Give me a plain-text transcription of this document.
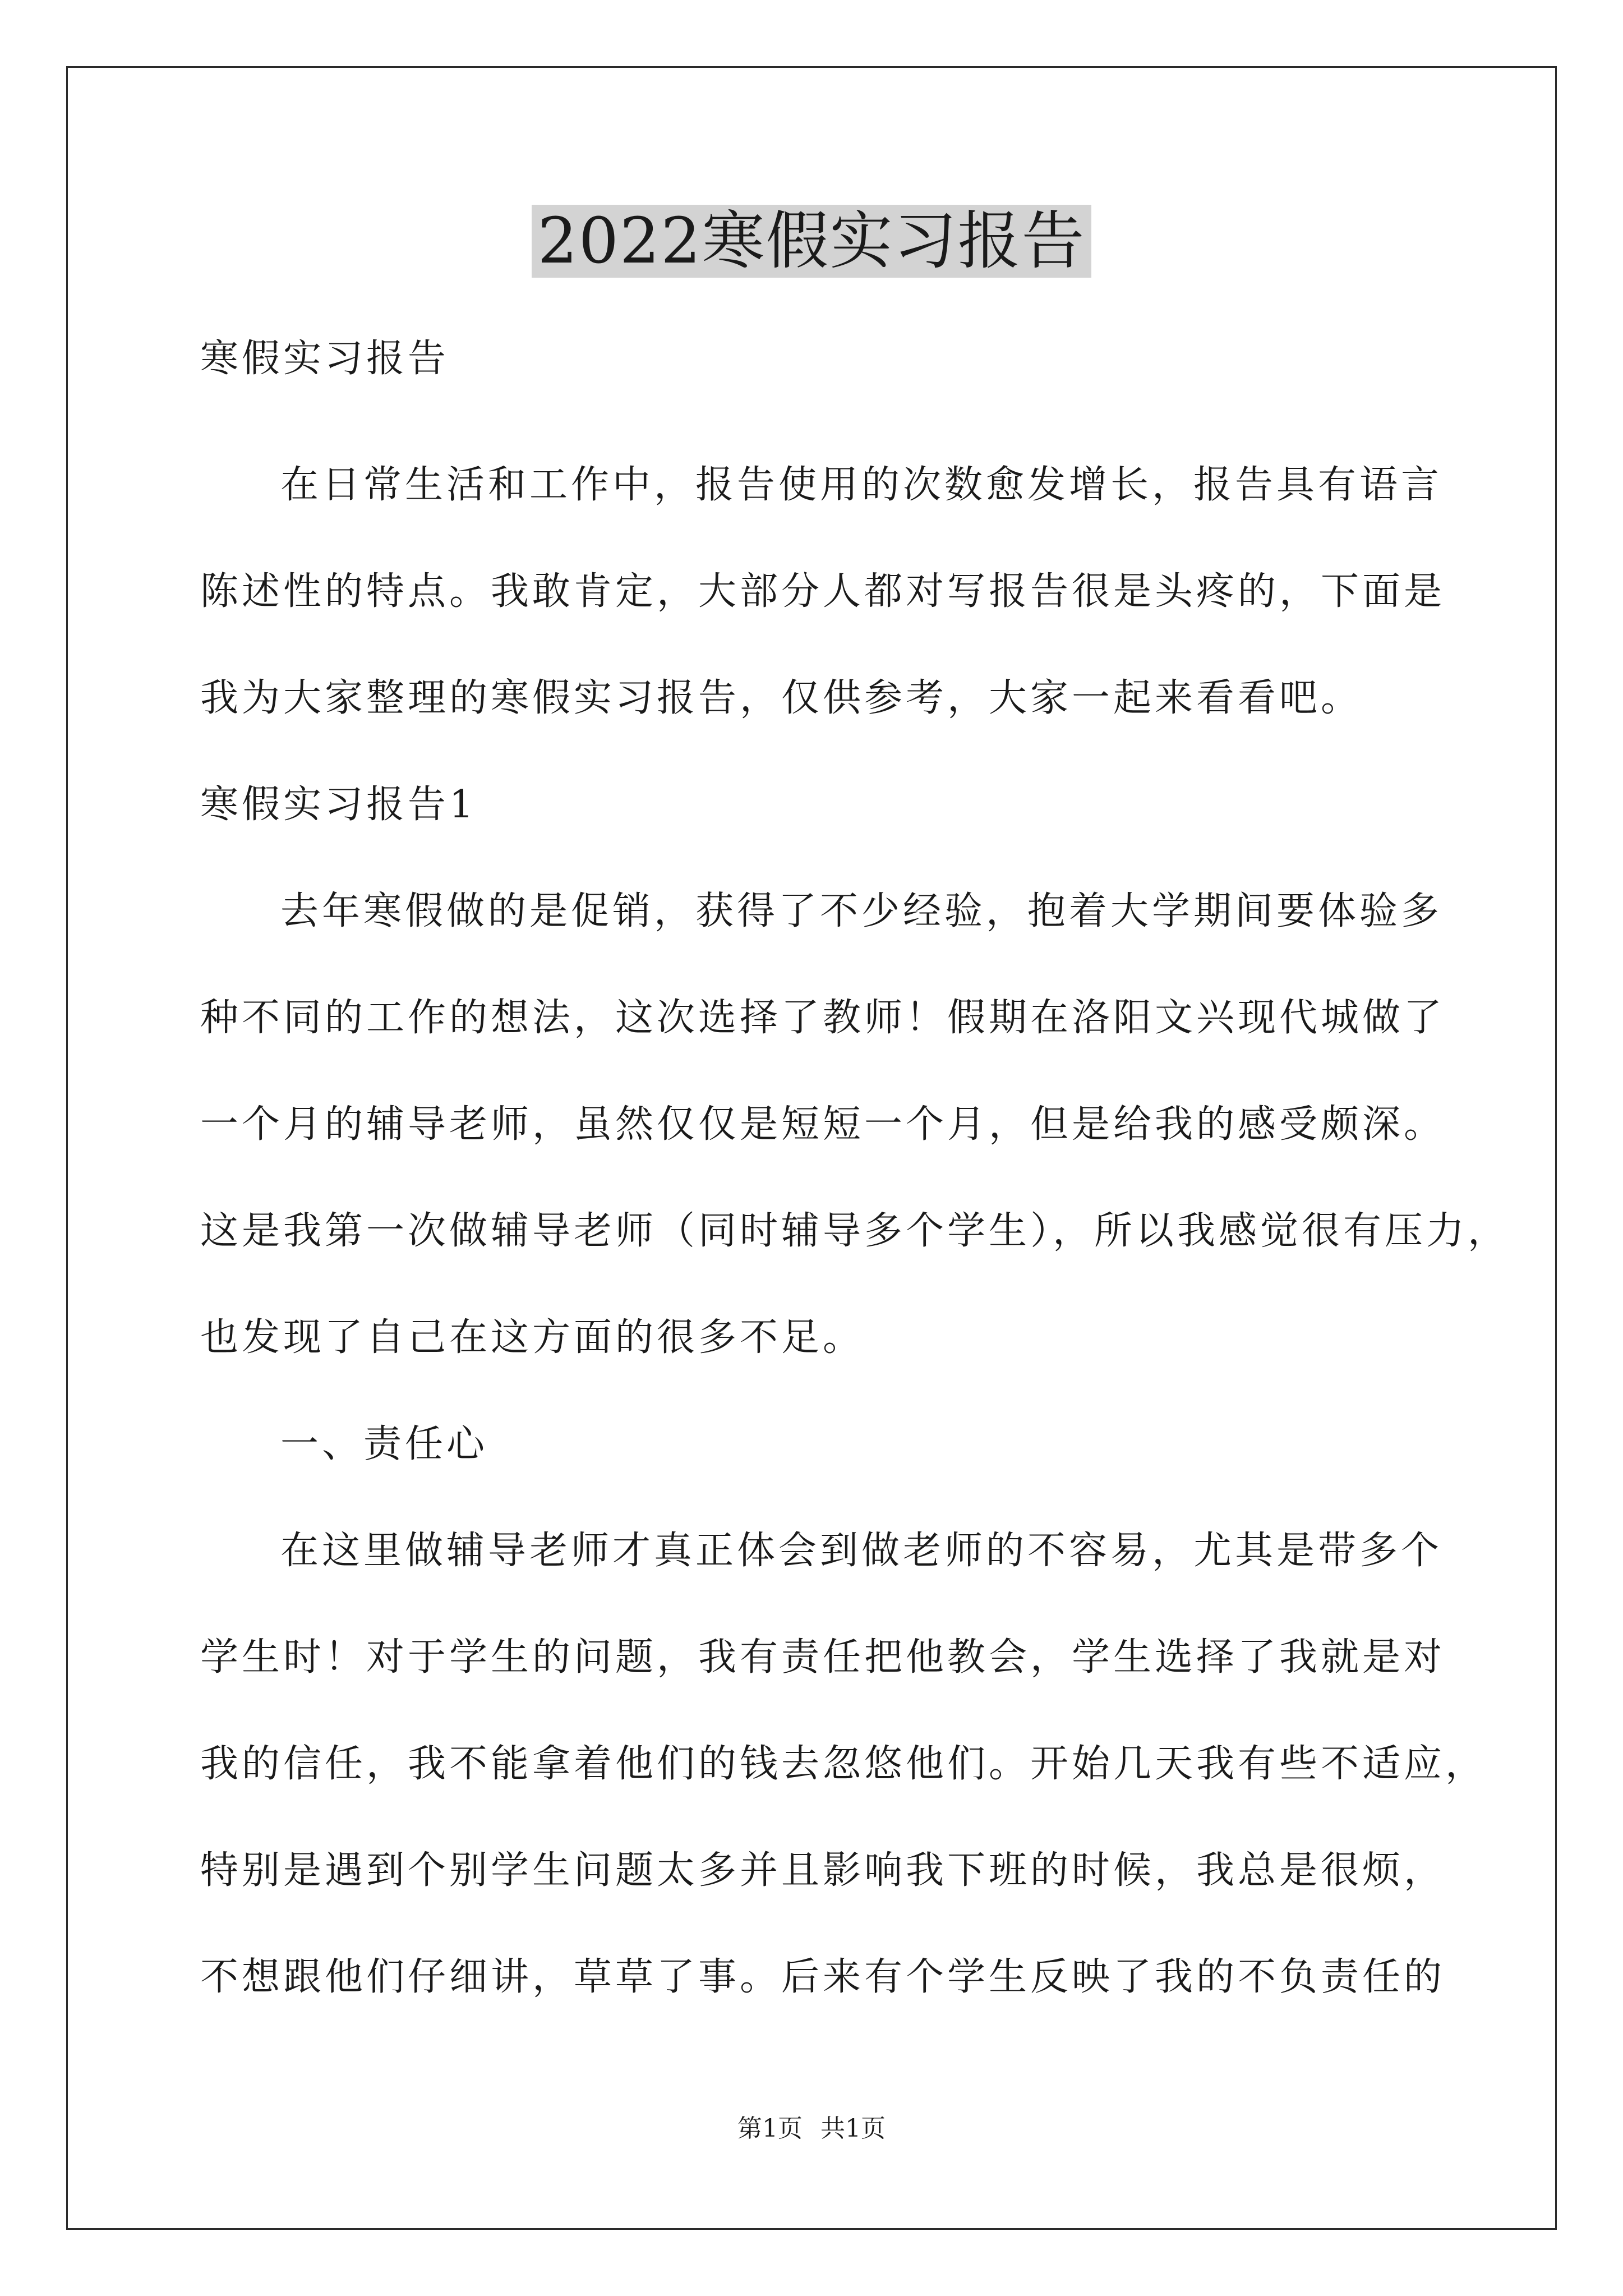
2022寒假实习报告
寒假实习报告
在日常生活和工作中，报告使用的次数愈发增长，报告具有语言
陈述性的特点。我敢肯定，大部分人都对写报告很是头疼的，下面是
我为大家整理的寒假实习报告，仅供参考，大家一起来看看吧。
寒假实习报告1
去年寒假做的是促销，获得了不少经验，抱着大学期间要体验多
种不同的工作的想法，这次选择了教师！假期在洛阳文兴现代城做了
一个月的辅导老师，虽然仅仅是短短一个月，但是给我的感受颇深。
这是我第一次做辅导老师（同时辅导多个学生），所以我感觉很有压力，
也发现了自己在这方面的很多不足。
一、责任心
在这里做辅导老师才真正体会到做老师的不容易，尤其是带多个
学生时！对于学生的问题，我有责任把他教会，学生选择了我就是对
我的信任，我不能拿着他们的钱去忽悠他们。开始几天我有些不适应，
特别是遇到个别学生问题太多并且影响我下班的时候，我总是很烦，
不想跟他们仔细讲，草草了事。后来有个学生反映了我的不负责任的
第1页 共1页
